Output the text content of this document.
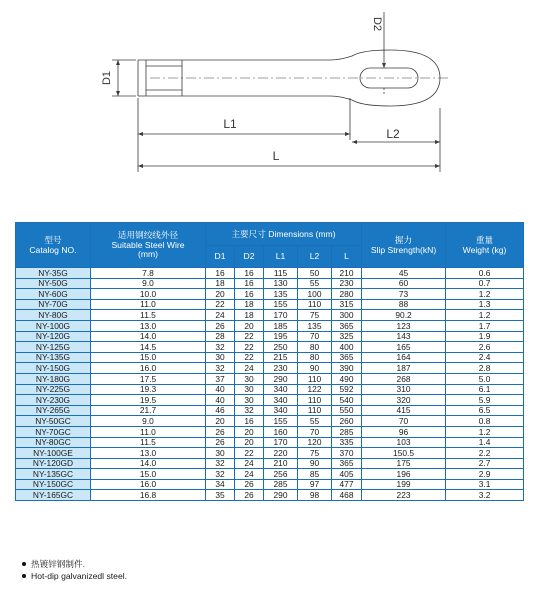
D1
D2
L1
L2
L
型号
Catalog NO.	适用钢绞线外径
Suitable Steel Wire
(mm)	主要尺寸 Dimensions (mm)					握力
Slip Strength(kN)	重量
Weight (kg)

		D1	D2	L1	L2	L		
NY-35G	7.8	16	16	115	50	210	45	0.6
NY-50G	9.0	18	16	130	55	230	60	0.7
NY-60G	10.0	20	16	135	100	280	73	1.2
NY-70G	11.0	22	18	155	110	315	88	1.3
NY-80G	11.5	24	18	170	75	300	90.2	1.2
NY-100G	13.0	26	20	185	135	365	123	1.7
NY-120G	14.0	28	22	195	70	325	143	1.9
NY-125G	14.5	32	22	250	80	400	165	2.6
NY-135G	15.0	30	22	215	80	365	164	2.4
NY-150G	16.0	32	24	230	90	390	187	2.8
NY-180G	17.5	37	30	290	110	490	268	5.0
NY-225G	19.3	40	30	340	122	592	310	6.1
NY-230G	19.5	40	30	340	110	540	320	5.9
NY-265G	21.7	46	32	340	110	550	415	6.5
NY-50GC	9.0	20	16	155	55	260	70	0.8
NY-70GC	11.0	26	20	160	70	285	96	1.2
NY-80GC	11.5	26	20	170	120	335	103	1.4
NY-100GE	13.0	30	22	220	75	370	150.5	2.2
NY-120GD	14.0	32	24	210	90	365	175	2.7
NY-135GC	15.0	32	24	256	85	405	196	2.9
NY-150GC	16.0	34	26	285	97	477	199	3.1
NY-165GC	16.8	35	26	290	98	468	223	3.2
热镀锌钢制件.
Hot-dip galvanizedl steel.
